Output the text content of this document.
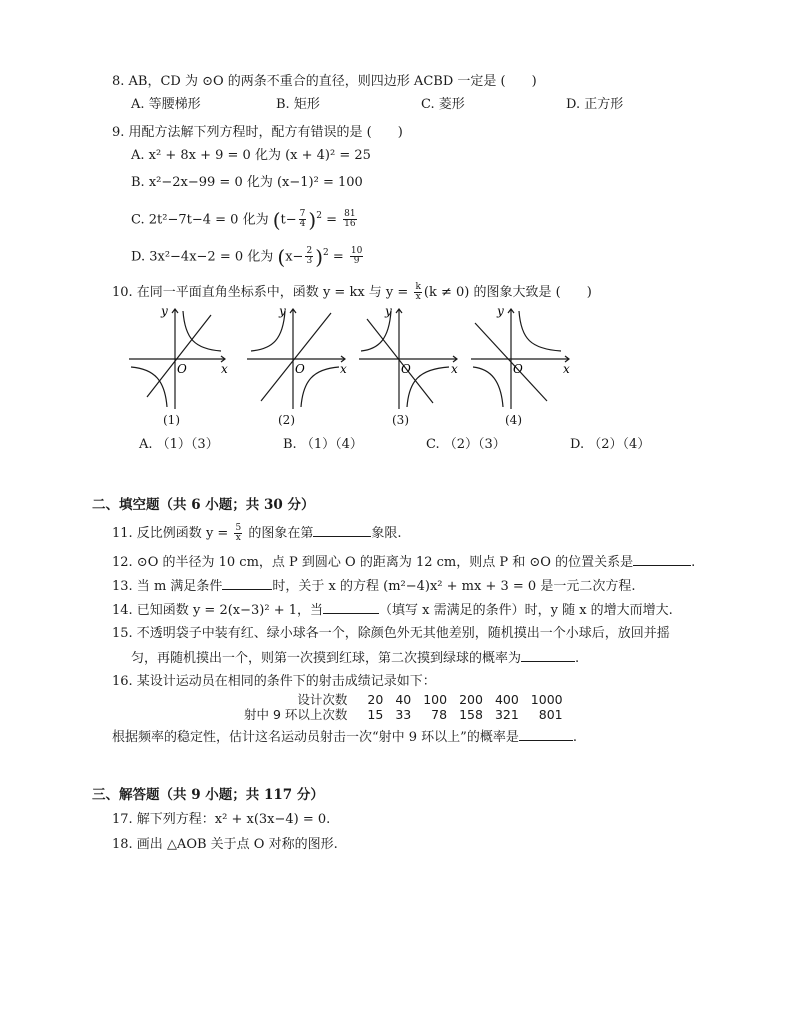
8. AB，CD 为 ⊙O 的两条不重合的直径，则四边形 ACBD 一定是 (　　)
A. 等腰梯形	B. 矩形	C. 菱形	D. 正方形
9. 用配方法解下列方程时，配方有错误的是 (　　)
A. x² + 8x + 9 = 0 化为 (x + 4)² = 25
B. x²−2x−99 = 0 化为 (x−1)² = 100
C. 2t²−7t−4 = 0 化为 $(t- \frac{7}{4} )^2 = \frac{81}{16}$
D. 3x²−4x−2 = 0 化为 $(x- \frac{2}{3} )^2 = \frac{10}{9}$
10. 在同一平面直角坐标系中，函数 y = kx 与 $y = \frac{k}{x} (k \ne 0)$ 的图象大致是 (　　)
y
x
O
(1)
y
x
O
(2)
y
x
O
(3)
y
x
O
(4)
A. （1）（3）	B. （1）（4）	C. （2）（3）	D. （2）（4）
二、填空题（共 6 小题；共 30 分）
11. 反比例函数 $y = \frac{5}{x}$ 的图象在第	象限.
12. ⊙O 的半径为 10 cm，点 P 到圆心 O 的距离为 12 cm，则点 P 和 ⊙O 的位置关系是	.
13. 当 m 满足条件	时，关于 x 的方程 (m²−4)x² + mx + 3 = 0 是一元二次方程.
14. 已知函数 y = 2(x−3)² + 1，当	（填写 x 需满足的条件）时，y 随 x 的增大而增大.
15. 不透明袋子中装有红、绿小球各一个，除颜色外无其他差别，随机摸出一个小球后，放回并摇
匀，再随机摸出一个，则第一次摸到红球，第二次摸到绿球的概率为	.
16. 某设计运动员在相同的条件下的射击成绩记录如下：
设计次数	20	40	100	200	400	1000
射中 9 环以上次数	15	33	78	158	321	801
根据频率的稳定性，估计这名运动员射击一次“射中 9 环以上”的概率是	.
三、解答题（共 9 小题；共 117 分）
17. 解下列方程：x² + x(3x−4) = 0.
18. 画出 △AOB 关于点 O 对称的图形.
